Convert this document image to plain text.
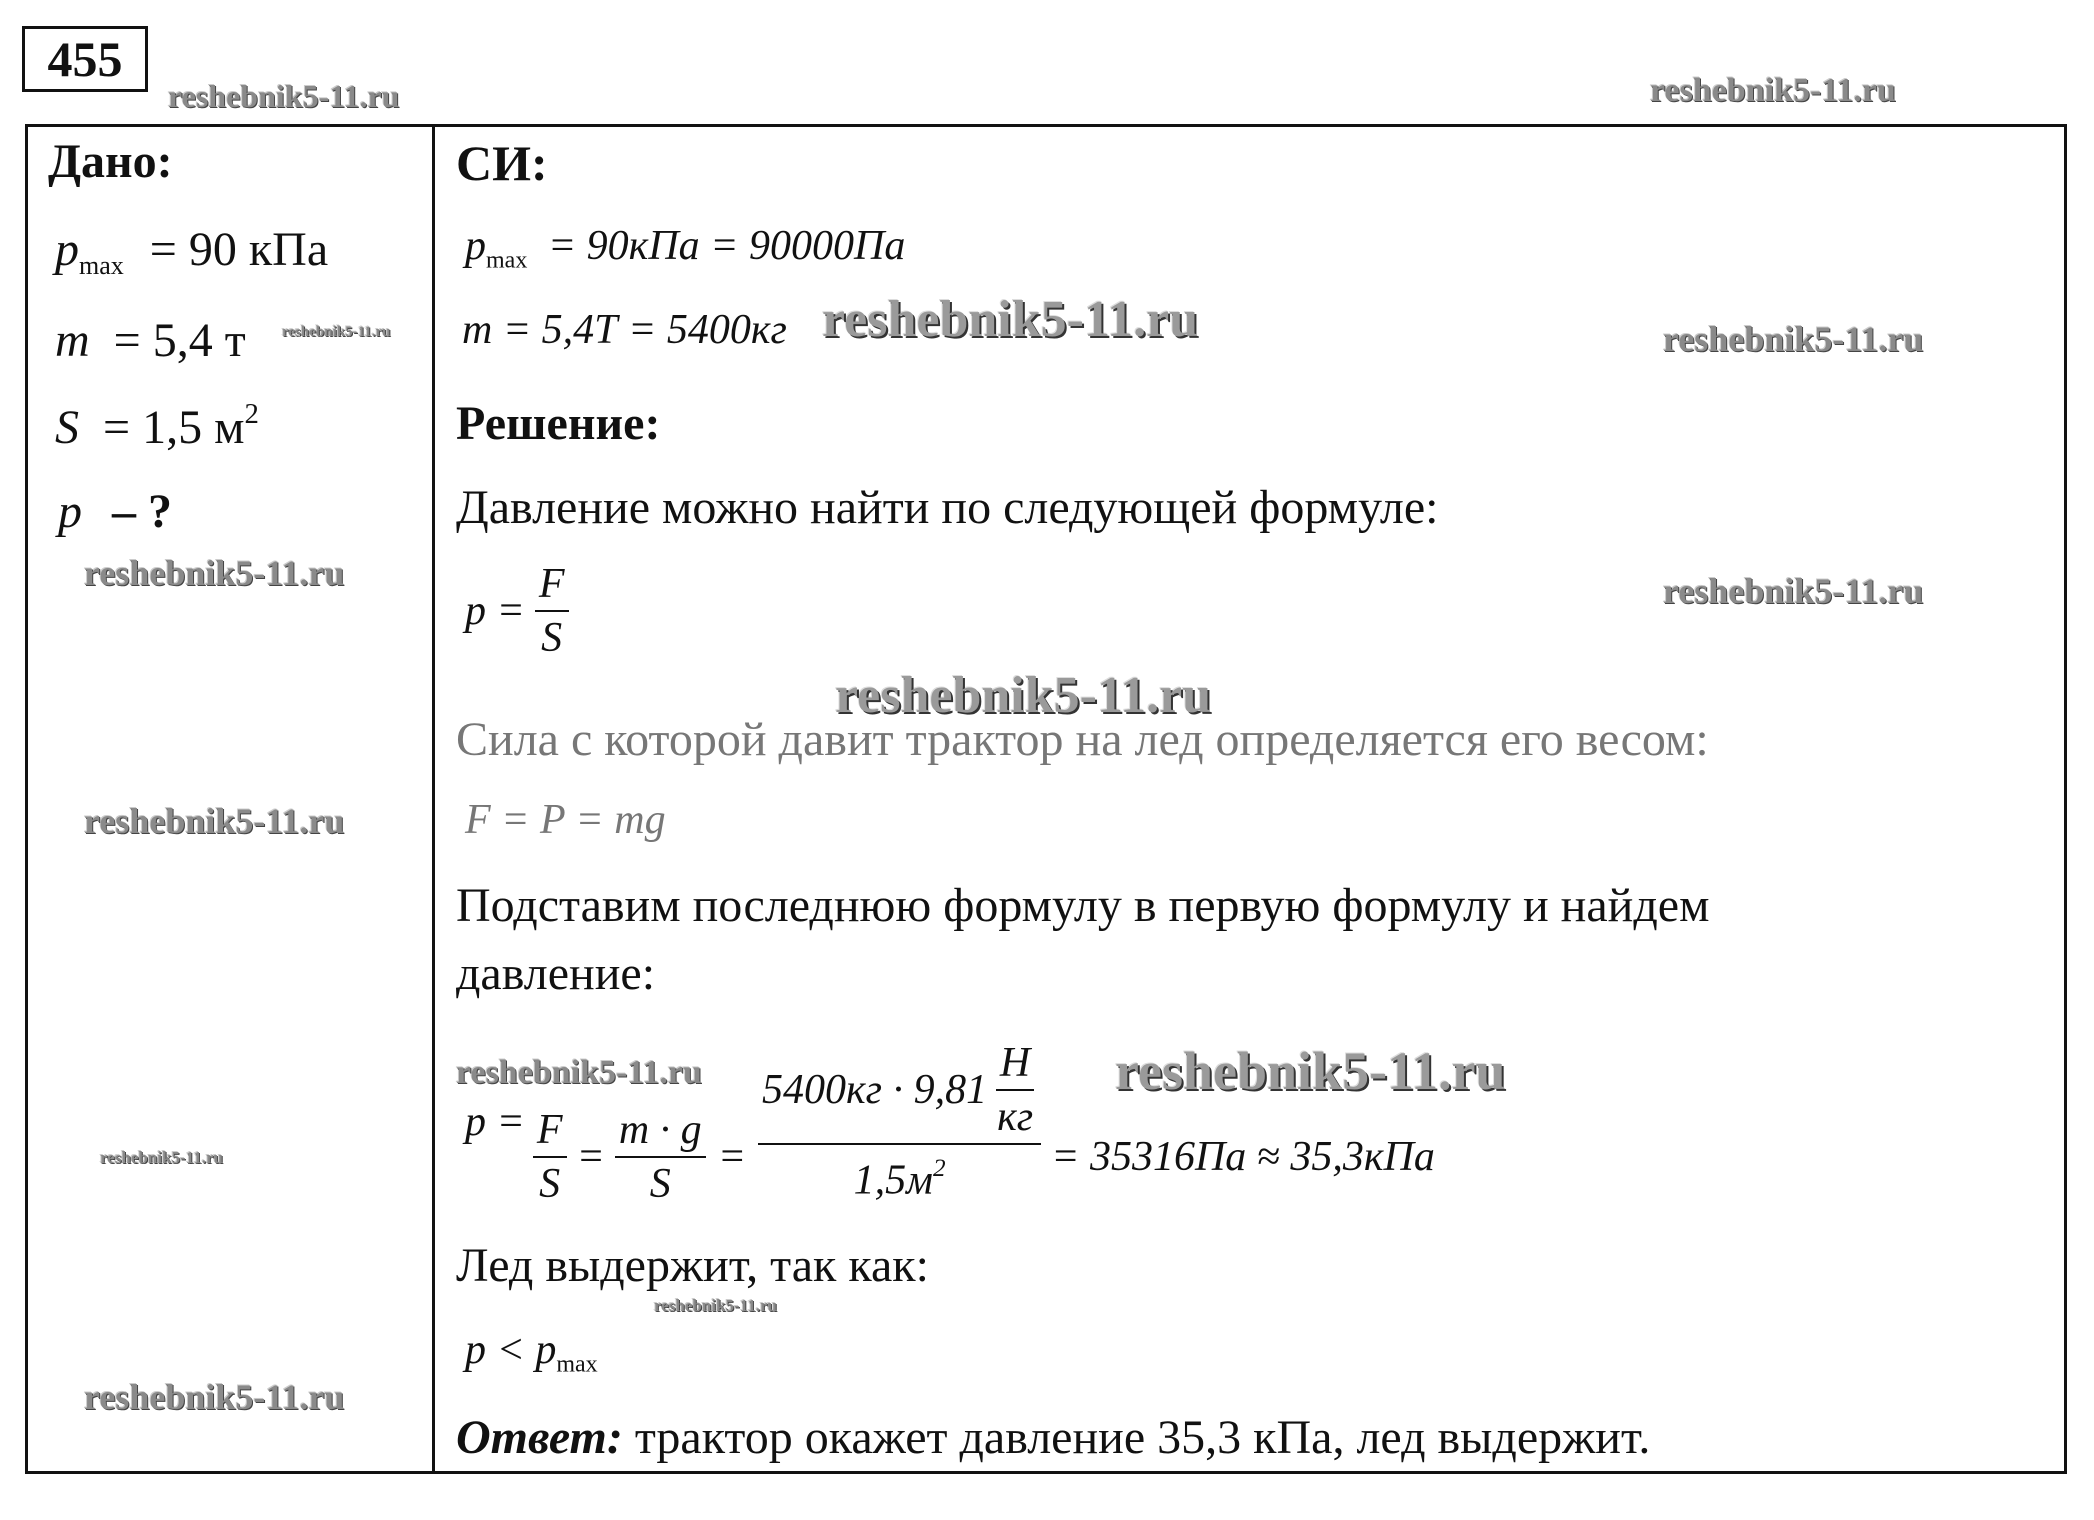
455
reshebnik5-11.ru	reshebnik5-11.ru
Дано:
$p_{max} = 90$ кПа
m = 5,4 т reshebnik5-11.ru
S = 1,5 $м^2$
p – ?
reshebnik5-11.ru
reshebnik5-11.ru
reshebnik5-11.ru
reshebnik5-11.ru
СИ:
$p_{max} = 90кПа = 90000Па$
m = 5,4Т = 5400кг reshebnik5-11.ru	reshebnik5-11.ru
Решение:
Давление можно найти по следующей формуле:
$p = \frac{F}{S}$	reshebnik5-11.ru
reshebnik5-11.ru
Сила с которой давит трактор на лед определяется его весом:
F = P = mg
Подставим последнюю формулу в первую формулу и найдем
давление:
reshebnik5-11.ru	reshebnik5-11.ru
$p = \frac{F}{S} = \frac{m \cdot g}{S} = \frac{5400кг \cdot 9,81 \frac{Н}{кг}}{1,5м^2} = 35316Па \approx 35,3кПа$
Лед выдержит, так как:
reshebnik5-11.ru
$p < p_{max}$
Ответ: трактор окажет давление 35,3 кПа, лед выдержит.
